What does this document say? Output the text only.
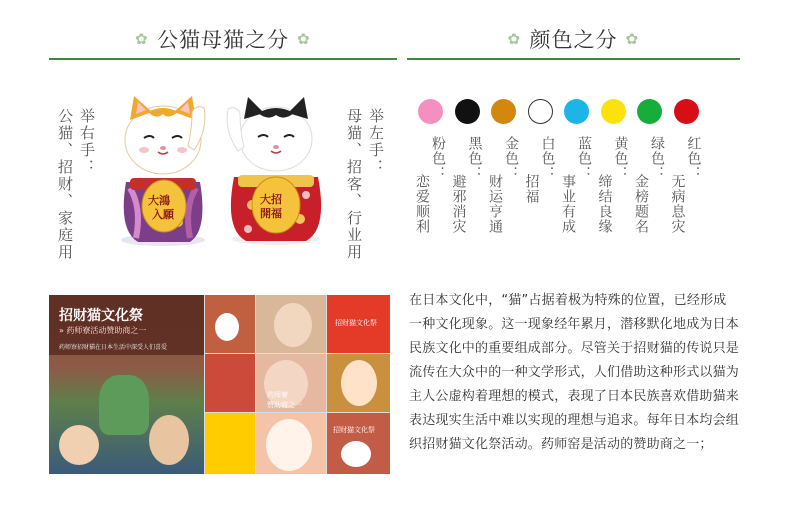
✿ 公猫母猫之分 ✿	✿ 颜色之分 ✿
举右手：
公猫、招财、家庭用	大鴻
入願
大招
開福
举左手：
母猫、招客、行业用	粉色：
恋爱顺利
黑色：
避邪消灾
金色：
财运亨通
白色：
招福
蓝色：
事业有成
黄色：
缔结良缘
绿色：
金榜题名
红色：
无病息灾
招财猫文化祭
» 药师寮活动赞助商之一
药师寮招财猫在日本生活中深受人们喜爱
招财猫文化祭
招财猫文化祭
药师寮
赞助商之一
在日本文化中，“猫”占据着极为特殊的位置，已经形成一种文化现象。这一现象经年累月，潜移默化地成为日本民族文化中的重要组成部分。尽管关于招财猫的传说只是流传在大众中的一种文学形式，人们借助这种形式以猫为主人公虚构着理想的模式，表现了日本民族喜欢借助猫来表达现实生活中难以实现的理想与追求。每年日本均会组织招财猫文化祭活动。药师窑是活动的赞助商之一；
